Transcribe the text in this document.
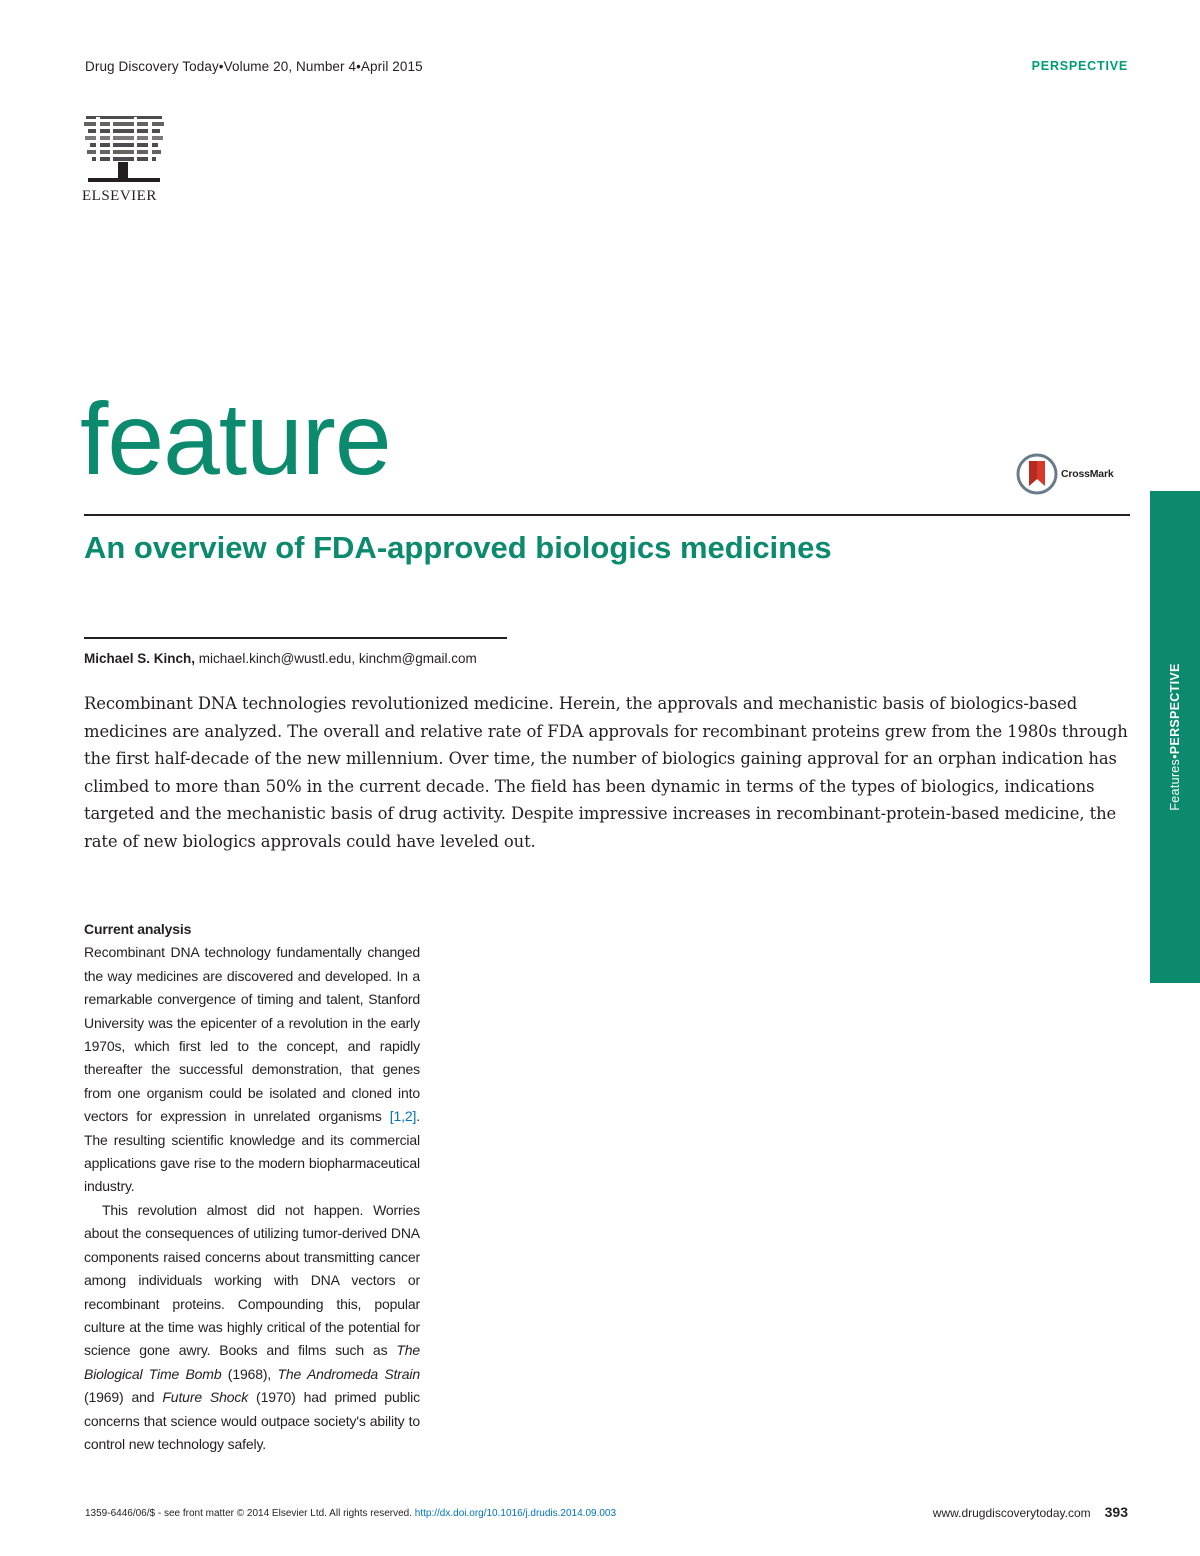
Drug Discovery Today•Volume 20, Number 4•April 2015	PERSPECTIVE
ELSEVIER
feature	CrossMark
An overview of FDA-approved biologics medicines
Michael S. Kinch, michael.kinch@wustl.edu, kinchm@gmail.com
Recombinant DNA technologies revolutionized medicine. Herein, the approvals and mechanistic basis of biologics-based medicines are analyzed. The overall and relative rate of FDA approvals for recombinant proteins grew from the 1980s through the first half-decade of the new millennium. Over time, the number of biologics gaining approval for an orphan indication has climbed to more than 50% in the current decade. The field has been dynamic in terms of the types of biologics, indications targeted and the mechanistic basis of drug activity. Despite impressive increases in recombinant-protein-based medicine, the rate of new biologics approvals could have leveled out.
Current analysis

Recombinant DNA technology fundamentally changed the way medicines are discovered and developed. In a remarkable convergence of timing and talent, Stanford University was the epicenter of a revolution in the early 1970s, which first led to the concept, and rapidly thereafter the successful demonstration, that genes from one organism could be isolated and cloned into vectors for expression in unrelated organisms [1,2]. The resulting scientific knowledge and its commercial applications gave rise to the modern biopharmaceutical industry.

This revolution almost did not happen. Worries about the consequences of utilizing tumor-derived DNA components raised concerns about transmitting cancer among individuals working with DNA vectors or recombinant proteins. Compounding this, popular culture at the time was highly critical of the potential for science gone awry. Books and films such as The Biological Time Bomb (1968), The Andromeda Strain (1969) and Future Shock (1970) had primed public concerns that science would outpace society's ability to control new technology safely.

Features•PERSPECTIVE
1359-6446/06/$ - see front matter © 2014 Elsevier Ltd. All rights reserved. http://dx.doi.org/10.1016/j.drudis.2014.09.003	www.drugdiscoverytoday.com 393
